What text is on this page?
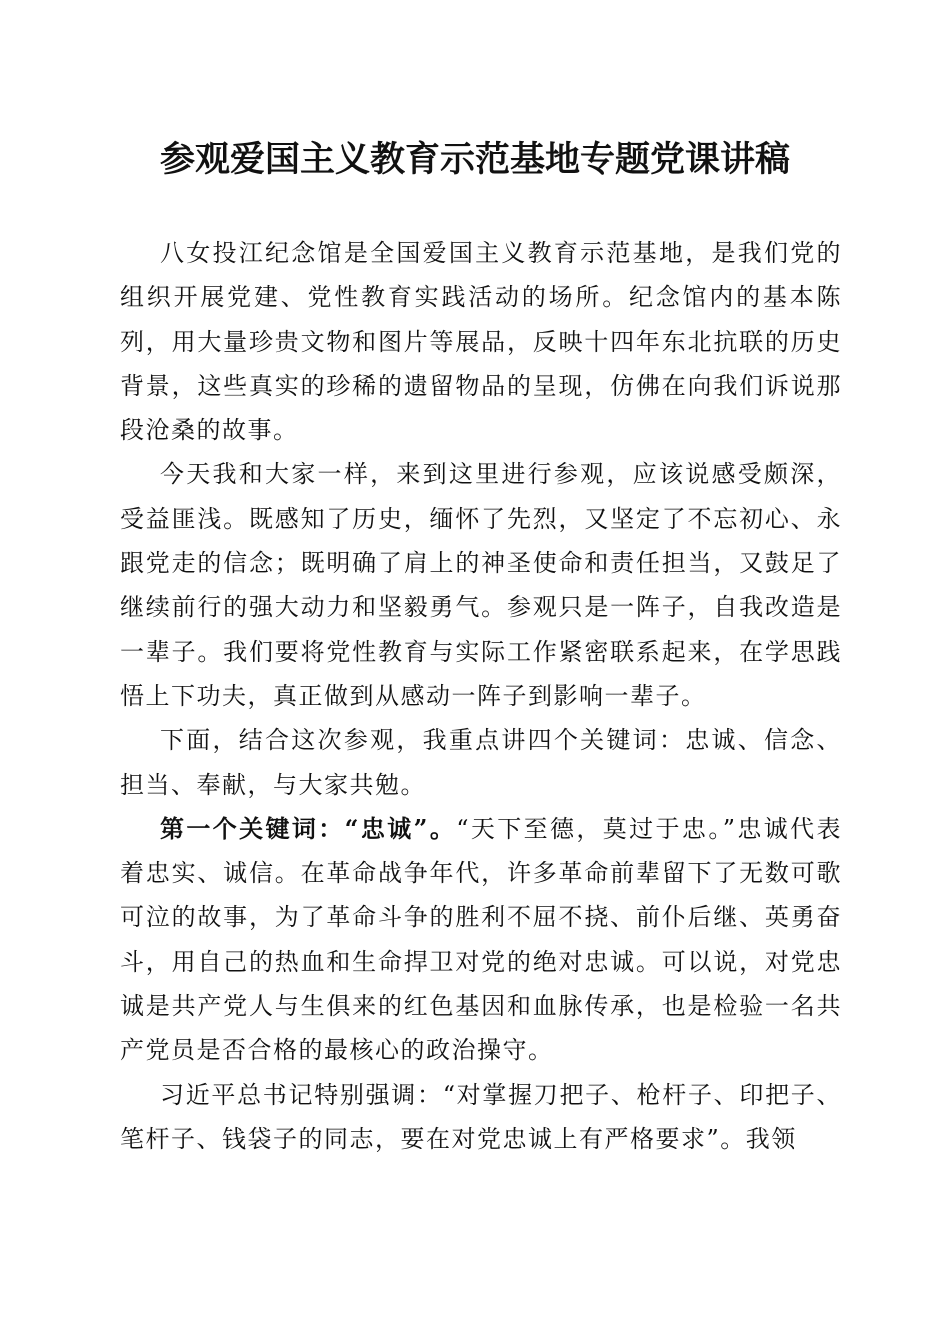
参观爱国主义教育示范基地专题党课讲稿

八女投江纪念馆是全国爱国主义教育示范基地，是我们党的组织开展党建、党性教育实践活动的场所。纪念馆内的基本陈列，用大量珍贵文物和图片等展品，反映十四年东北抗联的历史背景，这些真实的珍稀的遗留物品的呈现，仿佛在向我们诉说那段沧桑的故事。

今天我和大家一样，来到这里进行参观，应该说感受颇深，受益匪浅。既感知了历史，缅怀了先烈，又坚定了不忘初心、永跟党走的信念；既明确了肩上的神圣使命和责任担当，又鼓足了继续前行的强大动力和坚毅勇气。参观只是一阵子，自我改造是一辈子。我们要将党性教育与实际工作紧密联系起来，在学思践悟上下功夫，真正做到从感动一阵子到影响一辈子。

下面，结合这次参观，我重点讲四个关键词：忠诚、信念、担当、奉献，与大家共勉。

第一个关键词：“忠诚”。“天下至德，莫过于忠。”忠诚代表着忠实、诚信。在革命战争年代，许多革命前辈留下了无数可歌可泣的故事，为了革命斗争的胜利不屈不挠、前仆后继、英勇奋斗，用自己的热血和生命捍卫对党的绝对忠诚。可以说，对党忠诚是共产党人与生俱来的红色基因和血脉传承，也是检验一名共产党员是否合格的最核心的政治操守。

习近平总书记特别强调：“对掌握刀把子、枪杆子、印把子、笔杆子、钱袋子的同志，要在对党忠诚上有严格要求”。我领
